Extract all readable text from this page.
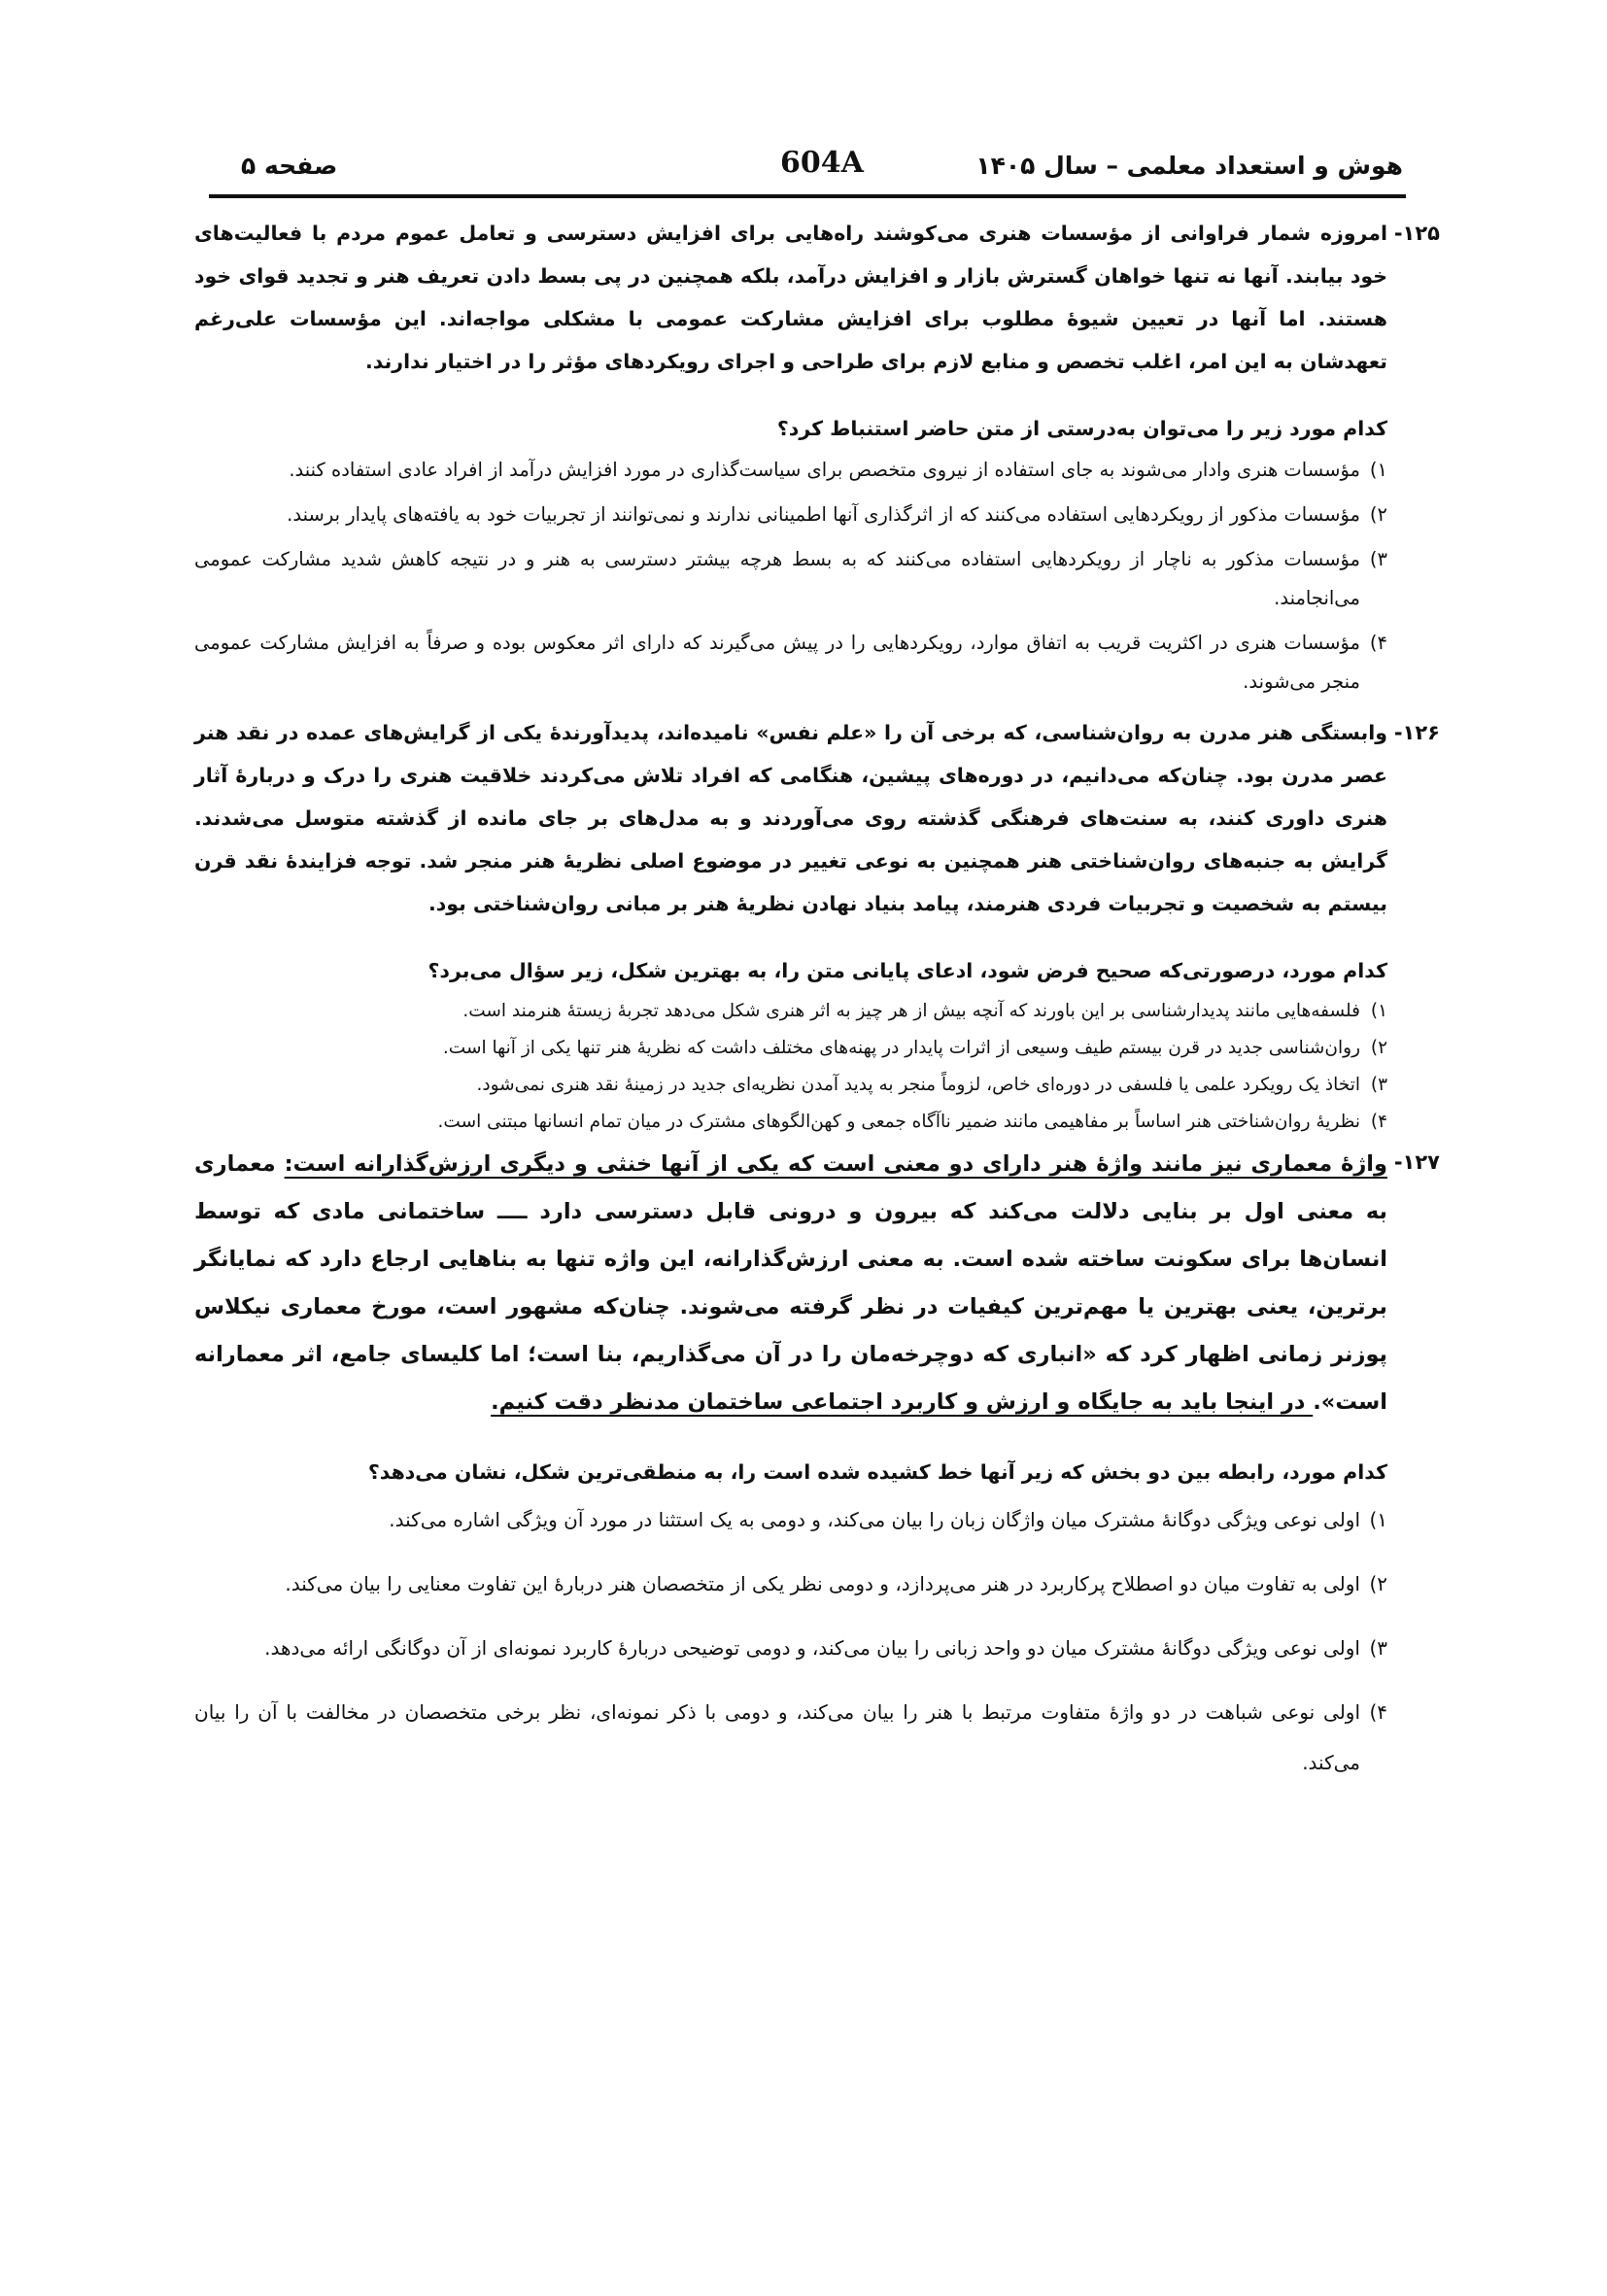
هوش و استعداد معلمی – سال ۱۴۰۵
604A
صفحه ۵
۱۲۵-

امروزه شمار فراوانی از مؤسسات هنری می‌کوشند راه‌هایی برای افزایش دسترسی و تعامل عموم مردم با فعالیت‌های خود بیابند. آنها نه تنها خواهان گسترش بازار و افزایش درآمد، بلکه همچنین در پی بسط دادن تعریف هنر و تجدید قوای خود هستند. اما آنها در تعیین شیوهٔ مطلوب برای افزایش مشارکت عمومی با مشکلی مواجه‌اند. این مؤسسات علی‌رغم تعهدشان به این امر، اغلب تخصص و منابع لازم برای طراحی و اجرای رویکردهای مؤثر را در اختیار ندارند.

کدام مورد زیر را می‌توان به‌درستی از متن حاضر استنباط کرد؟

۱)
مؤسسات هنری وادار می‌شوند به جای استفاده از نیروی متخصص برای سیاست‌گذاری در مورد افزایش درآمد از افراد عادی استفاده کنند.
۲)
مؤسسات مذکور از رویکردهایی استفاده می‌کنند که از اثرگذاری آنها اطمینانی ندارند و نمی‌توانند از تجربیات خود به یافته‌های پایدار برسند.
۳)
مؤسسات مذکور به ناچار از رویکردهایی استفاده می‌کنند که به بسط هرچه بیشتر دسترسی به هنر و در نتیجه کاهش شدید مشارکت عمومی می‌انجامند.
۴)
مؤسسات هنری در اکثریت قریب به اتفاق موارد، رویکردهایی را در پیش می‌گیرند که دارای اثر معکوس بوده و صرفاً به افزایش مشارکت عمومی منجر می‌شوند.
۱۲۶-

وابستگی هنر مدرن به روان‌شناسی، که برخی آن را «علم نفس» نامیده‌اند، پدیدآورندهٔ یکی از گرایش‌های عمده در نقد هنر عصر مدرن بود. چنان‌که می‌دانیم، در دوره‌های پیشین، هنگامی که افراد تلاش می‌کردند خلاقیت هنری را درک و دربارهٔ آثار هنری داوری کنند، به سنت‌های فرهنگی گذشته روی می‌آوردند و به مدل‌های بر جای مانده از گذشته متوسل می‌شدند. گرایش به جنبه‌های روان‌شناختی هنر همچنین به نوعی تغییر در موضوع اصلی نظریهٔ هنر منجر شد. توجه فزایندهٔ نقد قرن بیستم به شخصیت و تجربیات فردی هنرمند، پیامد بنیاد نهادن نظریهٔ هنر بر مبانی روان‌شناختی بود.

کدام مورد، درصورتی‌که صحیح فرض شود، ادعای پایانی متن را، به بهترین شکل، زیر سؤال می‌برد؟

۱)
فلسفه‌هایی مانند پدیدارشناسی بر این باورند که آنچه بیش از هر چیز به اثر هنری شکل می‌دهد تجربهٔ زیستهٔ هنرمند است.
۲)
روان‌شناسی جدید در قرن بیستم طیف وسیعی از اثرات پایدار در پهنه‌های مختلف داشت که نظریهٔ هنر تنها یکی از آنها است.
۳)
اتخاذ یک رویکرد علمی یا فلسفی در دوره‌ای خاص، لزوماً منجر به پدید آمدن نظریه‌ای جدید در زمینهٔ نقد هنری نمی‌شود.
۴)
نظریهٔ روان‌شناختی هنر اساساً بر مفاهیمی مانند ضمیر ناآگاه جمعی و کهن‌الگوهای مشترک در میان تمام انسانها مبتنی است.
۱۲۷-

واژهٔ معماری نیز مانند واژهٔ هنر دارای دو معنی است که یکی از آنها خنثی و دیگری ارزش‌گذارانه است: معماری به معنی اول بر بنایی دلالت می‌کند که بیرون و درونی قابل دسترسی دارد ــــ ساختمانی مادی که توسط انسان‌ها برای سکونت ساخته شده است. به معنی ارزش‌گذارانه، این واژه تنها به بناهایی ارجاع دارد که نمایانگر برترین، یعنی بهترین یا مهم‌ترین کیفیات در نظر گرفته می‌شوند. چنان‌که مشهور است، مورخ معماری نیکلاس پوزنر زمانی اظهار کرد که «انباری که دوچرخه‌مان را در آن می‌گذاریم، بنا است؛ اما کلیسای جامع، اثر معمارانه است». در اینجا باید به جایگاه و ارزش و کاربرد اجتماعی ساختمان مدنظر دقت کنیم.

کدام مورد، رابطه بین دو بخش که زیر آنها خط کشیده شده است را، به منطقی‌ترین شکل، نشان می‌دهد؟

۱)
اولی نوعی ویژگی دوگانهٔ مشترک میان واژگان زبان را بیان می‌کند، و دومی به یک استثنا در مورد آن ویژگی اشاره می‌کند.
۲)
اولی به تفاوت میان دو اصطلاح پرکاربرد در هنر می‌پردازد، و دومی نظر یکی از متخصصان هنر دربارهٔ این تفاوت معنایی را بیان می‌کند.
۳)
اولی نوعی ویژگی دوگانهٔ مشترک میان دو واحد زبانی را بیان می‌کند، و دومی توضیحی دربارهٔ کاربرد نمونه‌ای از آن دوگانگی ارائه می‌دهد.
۴)
اولی نوعی شباهت در دو واژهٔ متفاوت مرتبط با هنر را بیان می‌کند، و دومی با ذکر نمونه‌ای، نظر برخی متخصصان در مخالفت با آن را بیان می‌کند.
